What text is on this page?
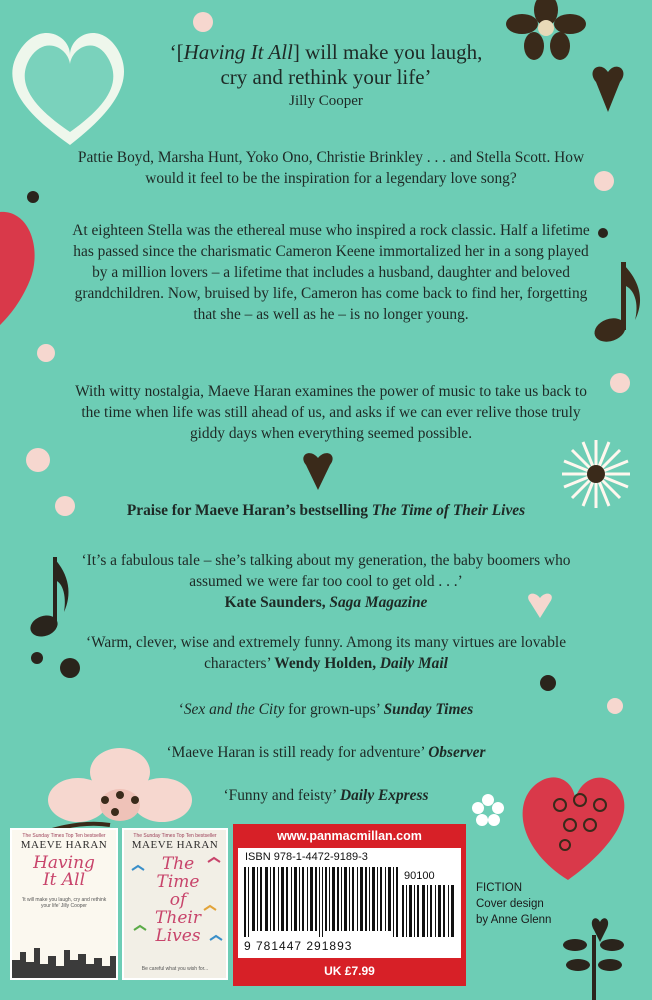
‘[Having It All] will make you laugh,
cry and rethink your life’
Jilly Cooper
Pattie Boyd, Marsha Hunt, Yoko Ono, Christie Brinkley . . . and Stella Scott. How would it feel to be the inspiration for a legendary love song?
At eighteen Stella was the ethereal muse who inspired a rock classic. Half a lifetime has passed since the charismatic Cameron Keene immortalized her in a song played by a million lovers – a lifetime that includes a husband, daughter and beloved grandchildren. Now, bruised by life, Cameron has come back to find her, forgetting that she – as well as he – is no longer young.
With witty nostalgia, Maeve Haran examines the power of music to take us back to the time when life was still ahead of us, and asks if we can ever relive those truly giddy days when everything seemed possible.
Praise for Maeve Haran’s bestselling The Time of Their Lives
‘It’s a fabulous tale – she’s talking about my generation, the baby boomers who assumed we were far too cool to get old . . .’
Kate Saunders, Saga Magazine
‘Warm, clever, wise and extremely funny. Among its many virtues are lovable characters’ Wendy Holden, Daily Mail
‘Sex and the City for grown-ups’ Sunday Times
‘Maeve Haran is still ready for adventure’ Observer
‘Funny and feisty’ Daily Express
The Sunday Times Top Ten bestseller
MAEVE HARAN
Having It All
‘It will make you laugh, cry and rethink your life’ Jilly Cooper
The Sunday Times Top Ten bestseller
MAEVE HARAN
The Time of Their Lives
Be careful what you wish for...
www.panmacmillan.com
ISBN 978-1-4472-9189-3
90100
9 781447 291893
UK £7.99
FICTION
Cover design
by Anne Glenn
